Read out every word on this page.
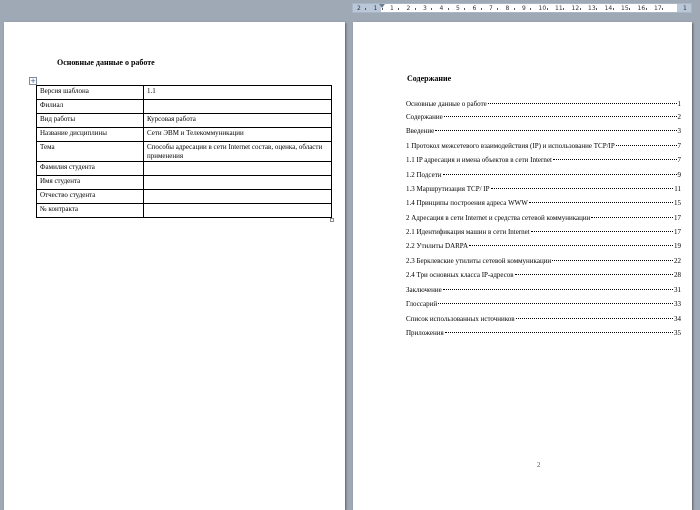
2 1 1 2 3 4 5 6 7 8 9 10 11 12 13 14 15 16 17	1
Основные данные о работе
+
Версия шаблона	1.1
Филиал	
Вид работы	Курсовая работа
Название дисциплины	Сети ЭВМ и Телекоммуникации
Тема	Способы адресации в сети Internet состав, оценка, области применения
Фамилия студента	
Имя студента	
Отчество студента	
№ контракта	
Содержание
Основные данные о работе	1
Содержание	2
Введение	3
1 Протокол межсетевого взаимодействия (IP) и использование TCP/IP	7
1.1 IP адресация и имена объектов в сети Internet	7
1.2 Подсети	9
1.3 Маршрутизация TCP/ IP	11
1.4 Принципы построения адреса WWW	15
2 Адресация в сети Internet и средства сетевой коммуникации	17
2.1 Идентификация машин в сети Internet	17
2.2 Утилиты DARPA	19
2.3 Берклевские утилиты сетевой коммуникации	22
2.4 Три основных класса IP-адресов	28
Заключение	31
Глоссарий	33
Список использованных источников	34
Приложения	35
2
